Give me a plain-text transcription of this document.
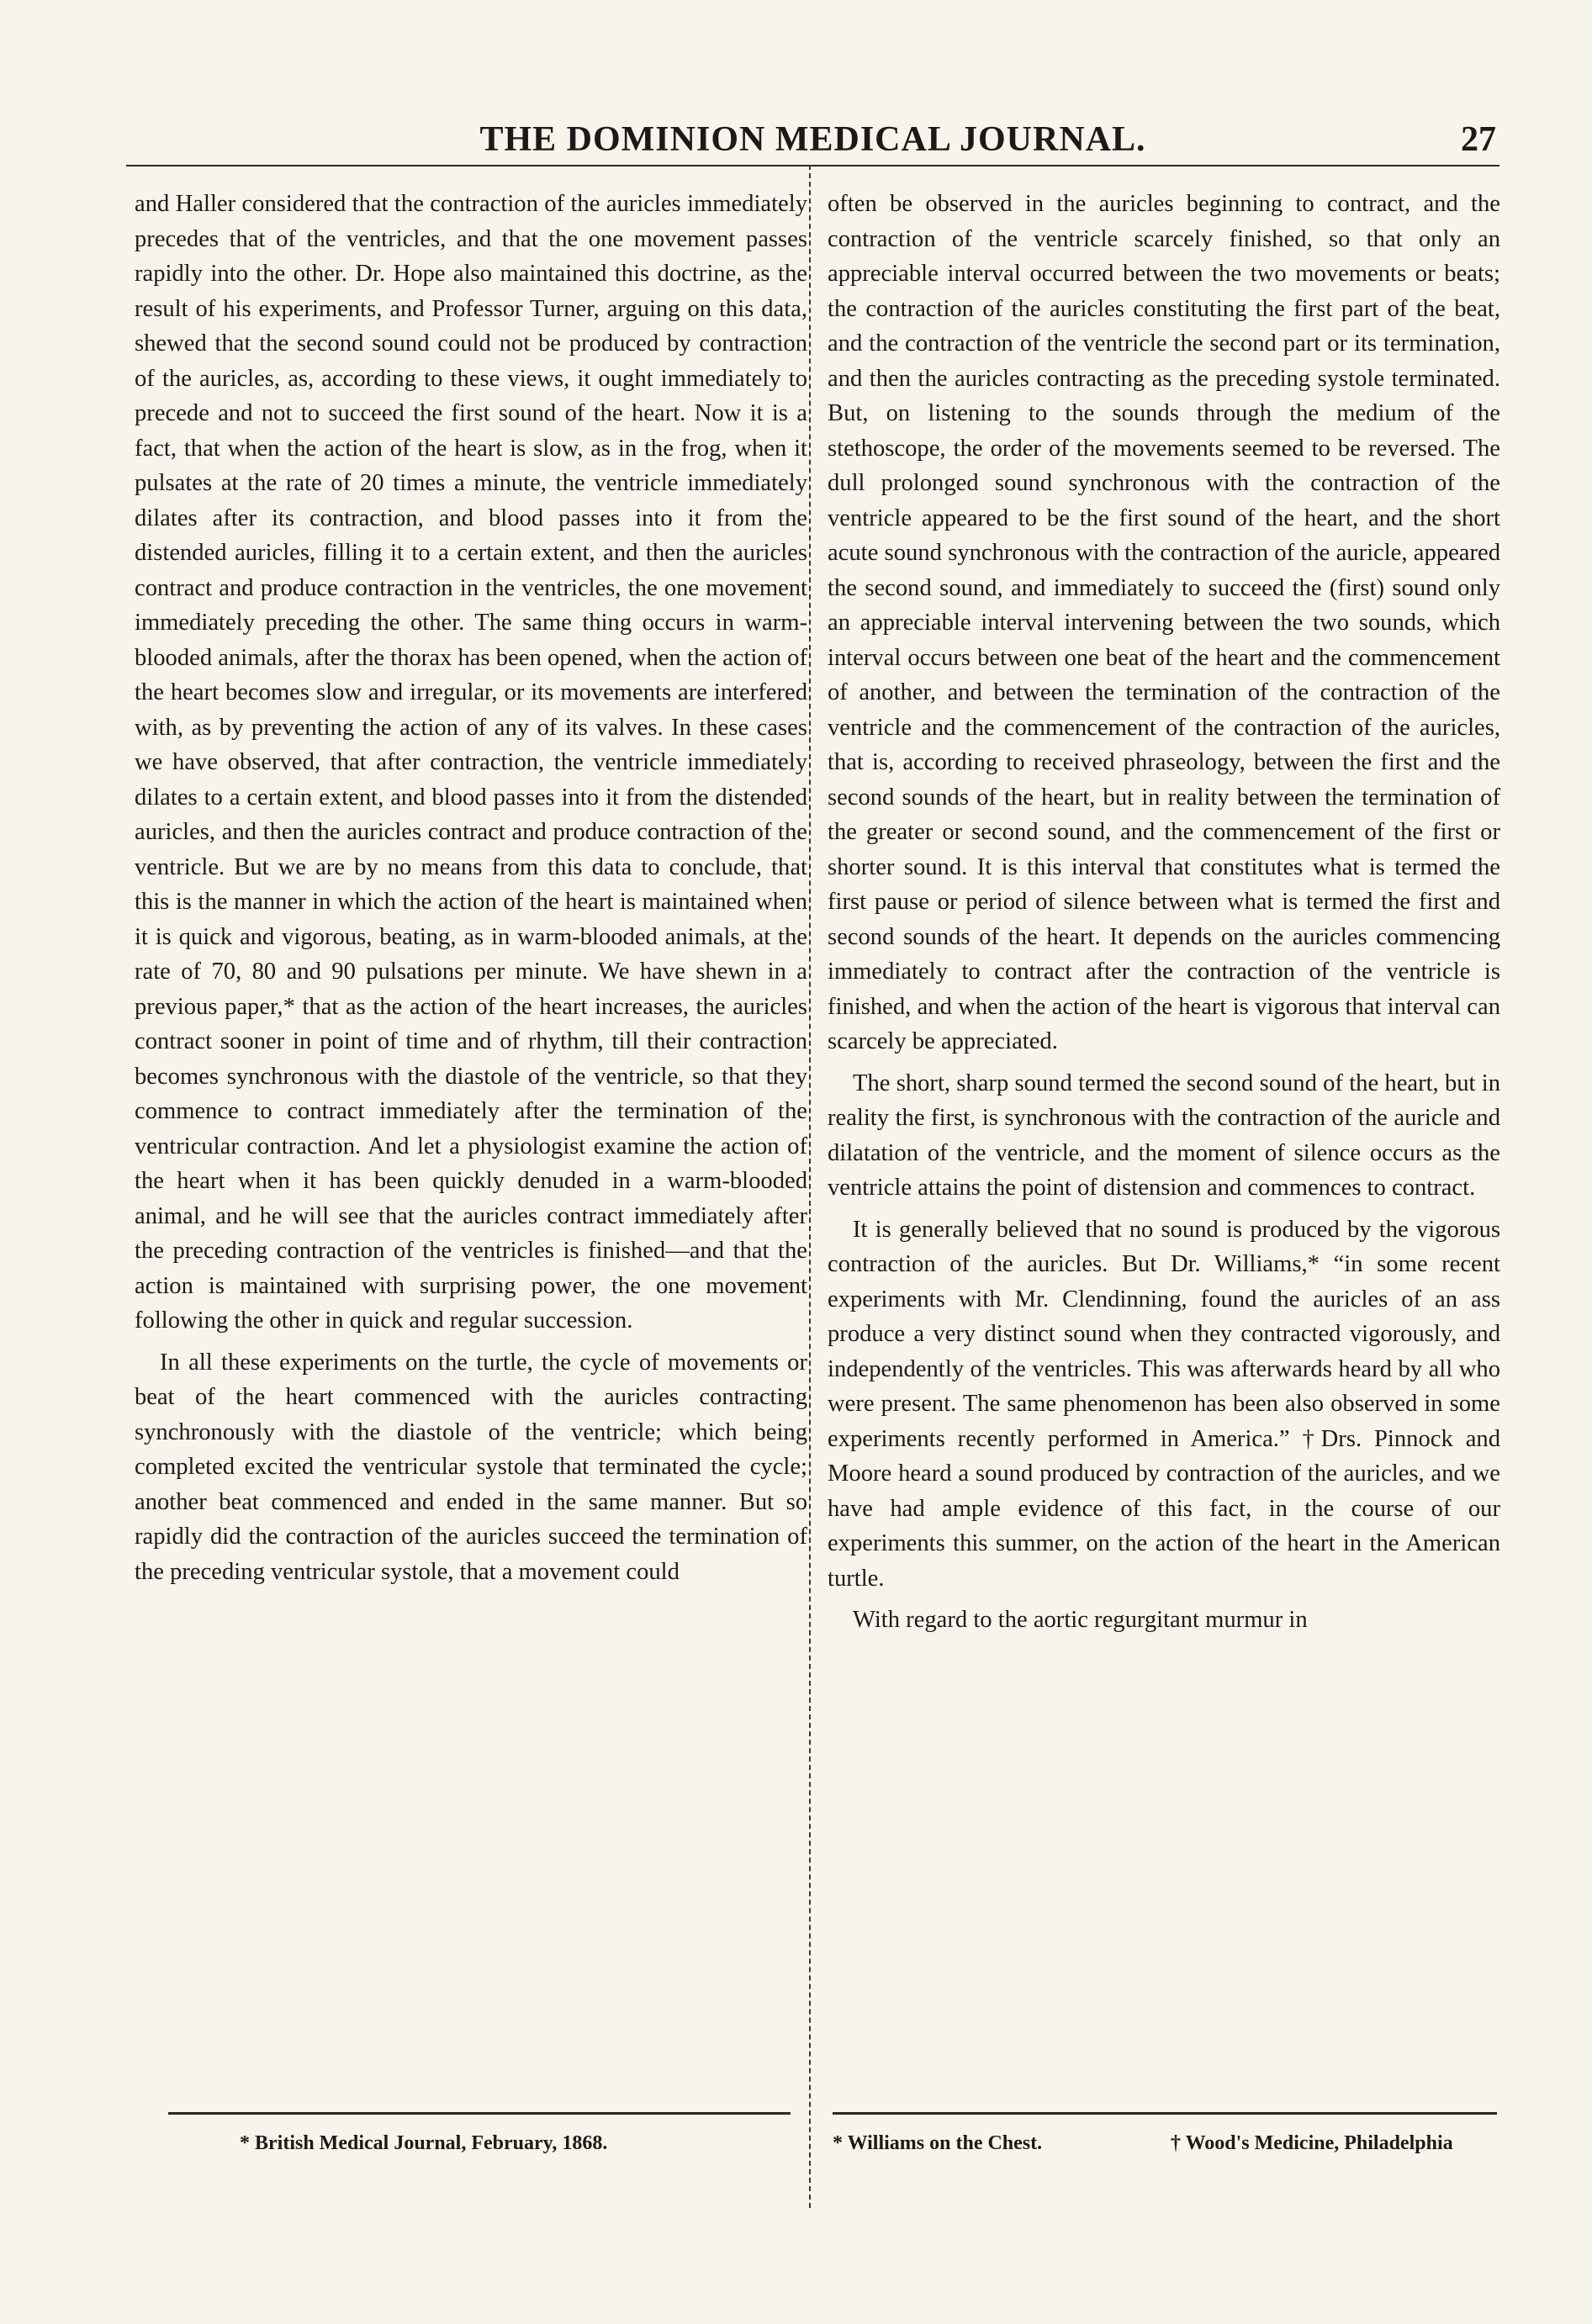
THE DOMINION MEDICAL JOURNAL.	27

and Haller considered that the contraction of the auricles immediately precedes that of the ventricles, and that the one movement passes rapidly into the other. Dr. Hope also maintained this doctrine, as the result of his experiments, and Professor Turner, arguing on this data, shewed that the second sound could not be produced by contraction of the auricles, as, according to these views, it ought immediately to precede and not to succeed the first sound of the heart. Now it is a fact, that when the action of the heart is slow, as in the frog, when it pulsates at the rate of 20 times a minute, the ventricle immediately dilates after its contraction, and blood passes into it from the distended auricles, filling it to a certain extent, and then the auricles contract and produce contraction in the ventricles, the one movement immediately preceding the other. The same thing occurs in warm-blooded animals, after the thorax has been opened, when the action of the heart becomes slow and irregular, or its movements are interfered with, as by preventing the action of any of its valves. In these cases we have observed, that after contraction, the ventricle immediately dilates to a certain extent, and blood passes into it from the distended auricles, and then the auricles contract and produce contraction of the ventricle. But we are by no means from this data to conclude, that this is the manner in which the action of the heart is maintained when it is quick and vigorous, beating, as in warm-blooded animals, at the rate of 70, 80 and 90 pulsations per minute. We have shewn in a previous paper,* that as the action of the heart increases, the auricles contract sooner in point of time and of rhythm, till their contraction becomes synchronous with the diastole of the ventricle, so that they commence to contract immediately after the termination of the ventricular contraction. And let a physiologist examine the action of the heart when it has been quickly denuded in a warm-blooded animal, and he will see that the auricles contract immediately after the preceding contraction of the ventricles is finished—and that the action is maintained with surprising power, the one movement following the other in quick and regular succession.

In all these experiments on the turtle, the cycle of movements or beat of the heart commenced with the auricles contracting synchronously with the diastole of the ventricle; which being completed excited the ventricular systole that terminated the cycle; another beat commenced and ended in the same manner. But so rapidly did the contraction of the auricles succeed the termination of the preceding ventricular systole, that a movement could

often be observed in the auricles beginning to contract, and the contraction of the ventricle scarcely finished, so that only an appreciable interval occurred between the two movements or beats; the contraction of the auricles constituting the first part of the beat, and the contraction of the ventricle the second part or its termination, and then the auricles contracting as the preceding systole terminated. But, on listening to the sounds through the medium of the stethoscope, the order of the movements seemed to be reversed. The dull prolonged sound synchronous with the contraction of the ventricle appeared to be the first sound of the heart, and the short acute sound synchronous with the contraction of the auricle, appeared the second sound, and immediately to succeed the (first) sound only an appreciable interval intervening between the two sounds, which interval occurs between one beat of the heart and the commencement of another, and between the termination of the contraction of the ventricle and the commencement of the contraction of the auricles, that is, according to received phraseology, between the first and the second sounds of the heart, but in reality between the termination of the greater or second sound, and the commencement of the first or shorter sound. It is this interval that constitutes what is termed the first pause or period of silence between what is termed the first and second sounds of the heart. It depends on the auricles commencing immediately to contract after the contraction of the ventricle is finished, and when the action of the heart is vigorous that interval can scarcely be appreciated.

The short, sharp sound termed the second sound of the heart, but in reality the first, is synchronous with the contraction of the auricle and dilatation of the ventricle, and the moment of silence occurs as the ventricle attains the point of distension and commences to contract.

It is generally believed that no sound is produced by the vigorous contraction of the auricles. But Dr. Williams,* “in some recent experiments with Mr. Clendinning, found the auricles of an ass produce a very distinct sound when they contracted vigorously, and independently of the ventricles. This was afterwards heard by all who were present. The same phenomenon has been also observed in some experiments recently performed in America.” †Drs. Pinnock and Moore heard a sound produced by contraction of the auricles, and we have had ample evidence of this fact, in the course of our experiments this summer, on the action of the heart in the American turtle.

With regard to the aortic regurgitant murmur in

* British Medical Journal, February, 1868.	* Williams on the Chest.	† Wood's Medicine, Philadelphia
